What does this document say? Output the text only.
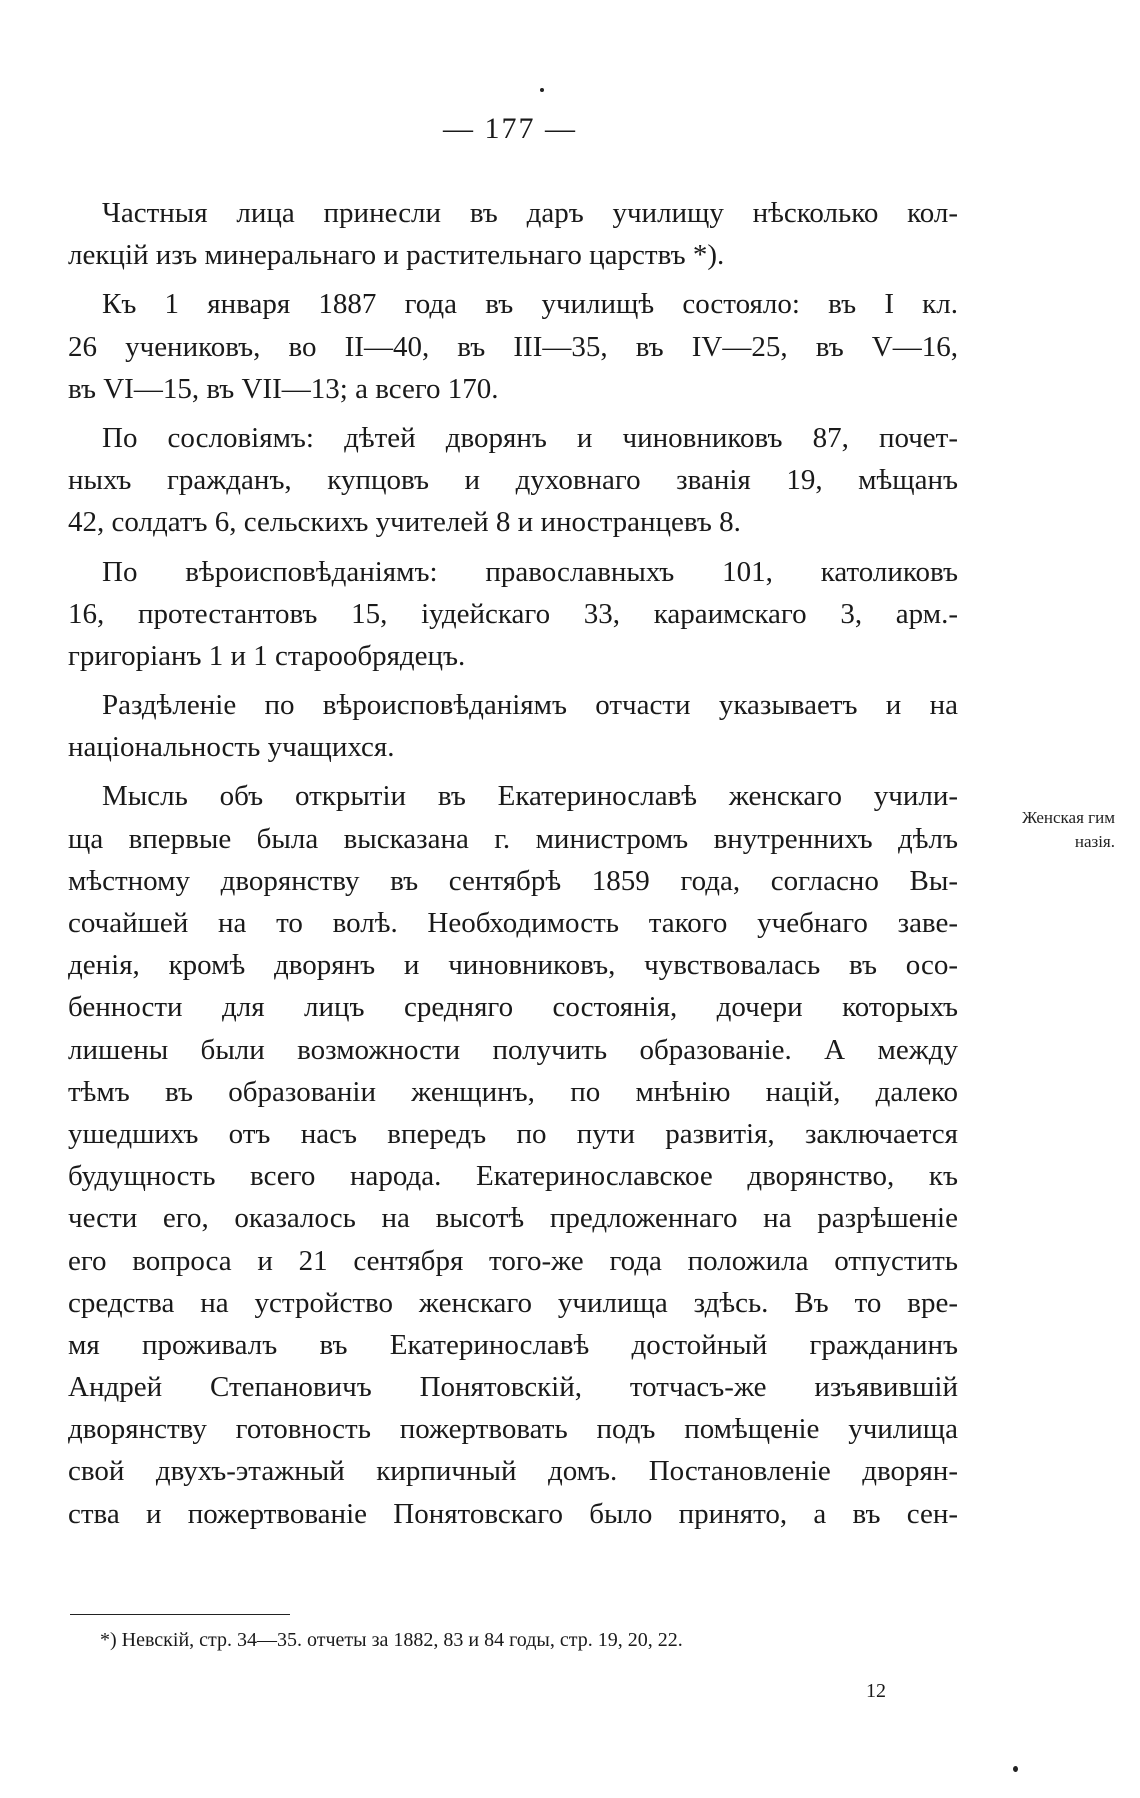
— 177 —
Частныя лица принесли въ даръ училищу нѣсколько кол-
лекцій изъ минеральнаго и растительнаго царствъ *).
Къ 1 января 1887 года въ училищѣ состояло: въ I кл.
26 учениковъ, во II—40, въ III—35, въ IV—25, въ V—16,
въ VI—15, въ VII—13; а всего 170.
По сословіямъ: дѣтей дворянъ и чиновниковъ 87, почет-
ныхъ гражданъ, купцовъ и духовнаго званія 19, мѣщанъ
42, солдатъ 6, сельскихъ учителей 8 и иностранцевъ 8.
По вѣроисповѣданіямъ: православныхъ 101, католиковъ
16, протестантовъ 15, іудейскаго 33, караимскаго 3, арм.-
григоріанъ 1 и 1 старообрядецъ.
Раздѣленіе по вѣроисповѣданіямъ отчасти указываетъ и на
національность учащихся.
Мысль объ открытіи въ Екатеринославѣ женскаго учили-
ща впервые была высказана г. министромъ внутреннихъ дѣлъ
мѣстному дворянству въ сентябрѣ 1859 года, согласно Вы-
сочайшей на то волѣ. Необходимость такого учебнаго заве-
денія, кромѣ дворянъ и чиновниковъ, чувствовалась въ осо-
бенности для лицъ средняго состоянія, дочери которыхъ
лишены были возможности получить образованіе. А между
тѣмъ въ образованіи женщинъ, по мнѣнію націй, далеко
ушедшихъ отъ насъ впередъ по пути развитія, заключается
будущность всего народа. Екатеринославское дворянство, къ
чести его, оказалось на высотѣ предложеннаго на разрѣшеніе
его вопроса и 21 сентября того-же года положила отпустить
средства на устройство женскаго училища здѣсь. Въ то вре-
мя проживалъ въ Екатеринославѣ достойный гражданинъ
Андрей Степановичъ Понятовскій, тотчасъ-же изъявившій
дворянству готовность пожертвовать подъ помѣщеніе училища
свой двухъ-этажный кирпичный домъ. Постановленіе дворян-
ства и пожертвованіе Понятовскаго было принято, а въ сен-
Женская гим
назія.
*) Невскій, стр. 34—35. отчеты за 1882, 83 и 84 годы, стр. 19, 20, 22.
12
